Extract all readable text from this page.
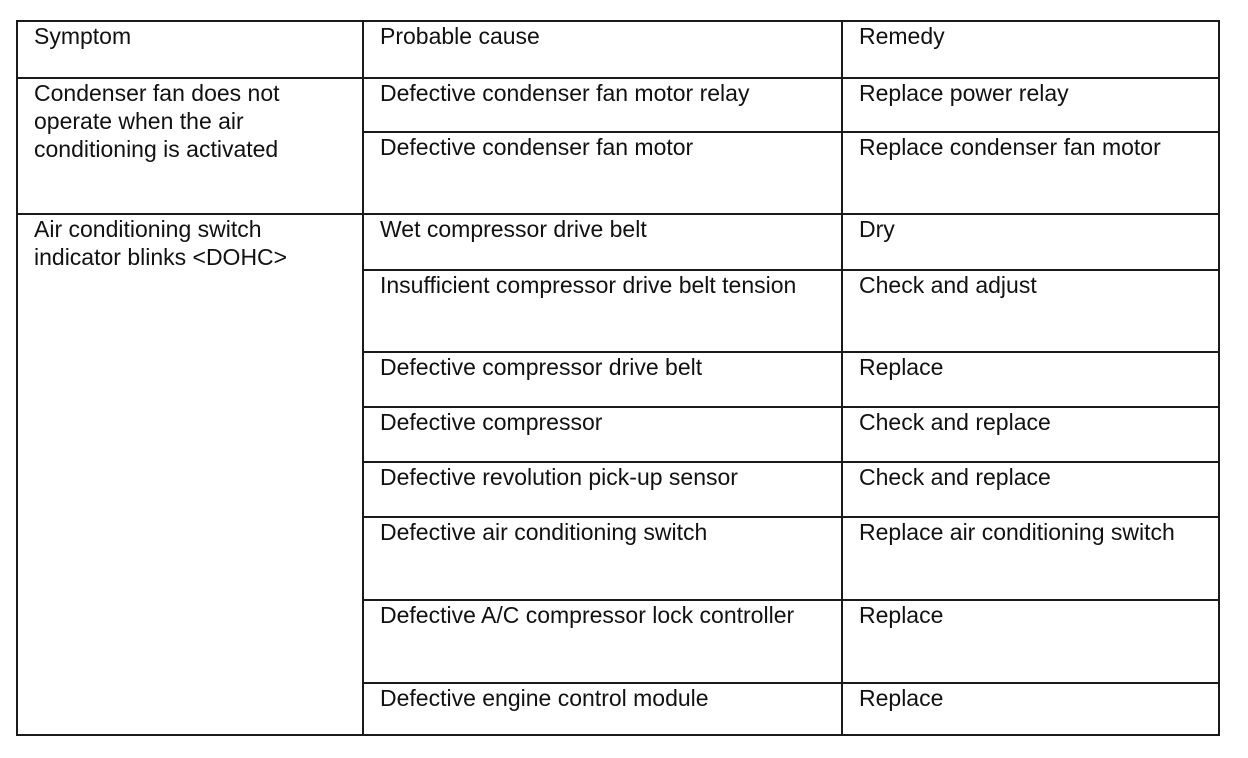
Symptom	Probable cause	Remedy
Condenser fan does not operate when the air conditioning is activated	Defective condenser fan motor relay	Replace power relay
	Defective condenser fan motor	Replace condenser fan motor
Air conditioning switch indicator blinks <DOHC>	Wet compressor drive belt	Dry
	Insufficient compressor drive belt tension	Check and adjust
	Defective compressor drive belt	Replace
	Defective compressor	Check and replace
	Defective revolution pick-up sensor	Check and replace
	Defective air conditioning switch	Replace air conditioning switch
	Defective A/C compressor lock controller	Replace
	Defective engine control module	Replace
